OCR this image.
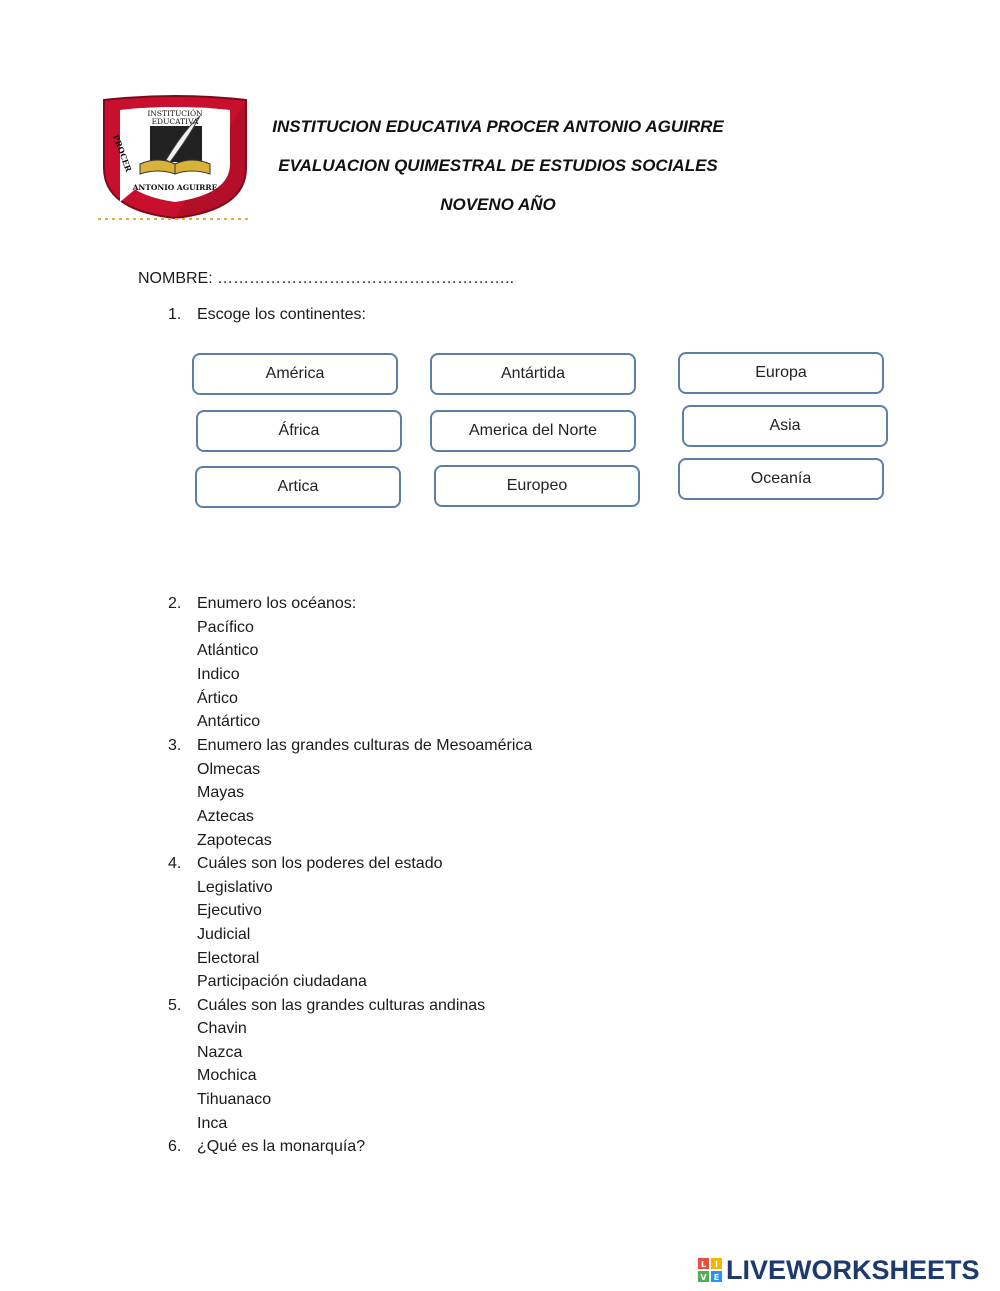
INSTITUCIÓN
EDUCATIVA
PROCER
ANTONIO AGUIRRE
INSTITUCION EDUCATIVA PROCER ANTONIO AGUIRRE
EVALUACION QUIMESTRAL DE ESTUDIOS SOCIALES
NOVENO AÑO
NOMBRE: ………………………………………………..
1. Escoge los continentes:
América	Antártida	Europa
África	America del Norte	Asia
Artica	Europeo	Oceanía
2. Enumero los océanos:
Pacífico
Atlántico
Indico
Ártico
Antártico
3. Enumero las grandes culturas de Mesoamérica
Olmecas
Mayas
Aztecas
Zapotecas
4. Cuáles son los poderes del estado
Legislativo
Ejecutivo
Judicial
Electoral
Participación ciudadana
5. Cuáles son las grandes culturas andinas
Chavin
Nazca
Mochica
Tihuanaco
Inca
6. ¿Qué es la monarquía?
L I
V E LIVEWORKSHEETS
